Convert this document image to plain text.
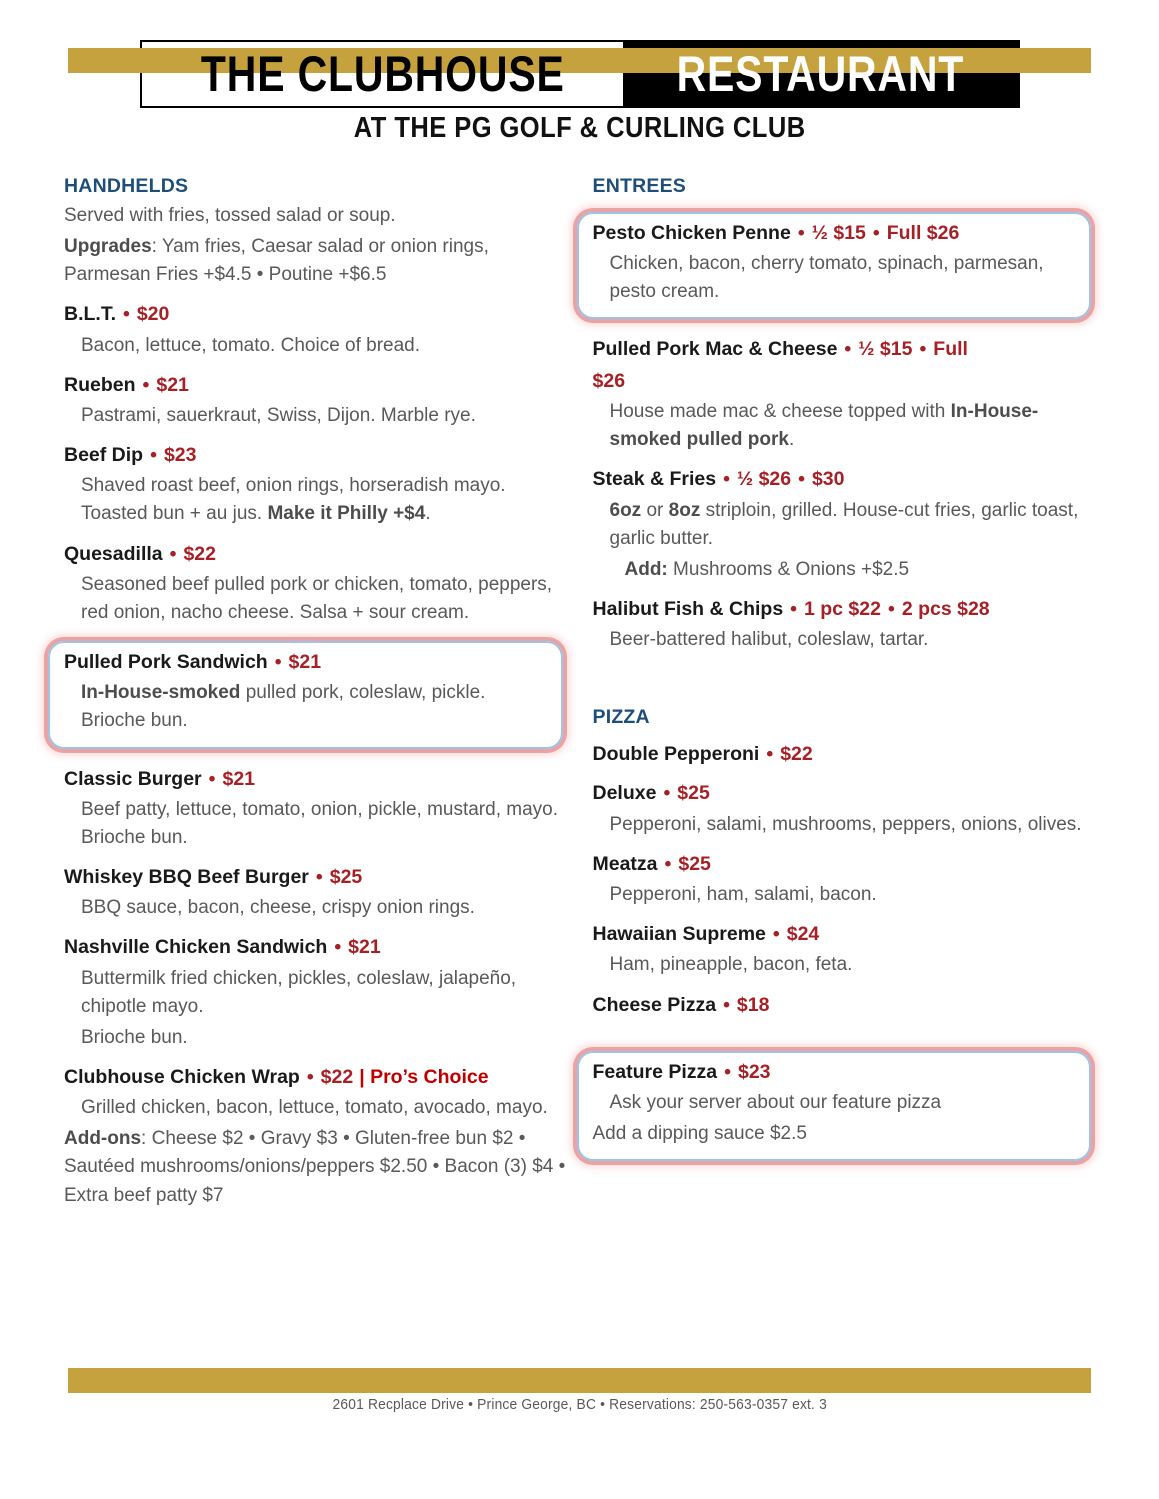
THE CLUBHOUSE RESTAURANT
AT THE PG GOLF & CURLING CLUB

HANDHELDS

Served with fries, tossed salad or soup.

Upgrades: Yam fries, Caesar salad or onion rings, Parmesan Fries +$4.5 • Poutine +$6.5

B.L.T. • $20

Bacon, lettuce, tomato. Choice of bread.

Rueben • $21

Pastrami, sauerkraut, Swiss, Dijon. Marble rye.

Beef Dip • $23

Shaved roast beef, onion rings, horseradish mayo. Toasted bun + au jus. Make it Philly +$4.

Quesadilla • $22

Seasoned beef pulled pork or chicken, tomato, peppers, red onion, nacho cheese. Salsa + sour cream.

Pulled Pork Sandwich • $21

In-House-smoked pulled pork, coleslaw, pickle. Brioche bun.

Classic Burger • $21

Beef patty, lettuce, tomato, onion, pickle, mustard, mayo. Brioche bun.

Whiskey BBQ Beef Burger • $25

BBQ sauce, bacon, cheese, crispy onion rings.

Nashville Chicken Sandwich • $21

Buttermilk fried chicken, pickles, coleslaw, jalapeño, chipotle mayo.

Brioche bun.

Clubhouse Chicken Wrap • $22 | Pro’s Choice

Grilled chicken, bacon, lettuce, tomato, avocado, mayo.

Add-ons: Cheese $2 • Gravy $3 • Gluten-free bun $2 • Sautéed mushrooms/onions/peppers $2.50 • Bacon (3) $4 • Extra beef patty $7

ENTREES

Pesto Chicken Penne • ½ $15 • Full $26

Chicken, bacon, cherry tomato, spinach, parmesan, pesto cream.

Pulled Pork Mac & Cheese • ½ $15 • Full

$26

House made mac & cheese topped with In-House-smoked pulled pork.

Steak & Fries • ½ $26 • $30

6oz or 8oz striploin, grilled. House-cut fries, garlic toast, garlic butter.

Add: Mushrooms & Onions +$2.5

Halibut Fish & Chips • 1 pc $22 • 2 pcs $28

Beer-battered halibut, coleslaw, tartar.

PIZZA

Double Pepperoni • $22

Deluxe • $25

Pepperoni, salami, mushrooms, peppers, onions, olives.

Meatza • $25

Pepperoni, ham, salami, bacon.

Hawaiian Supreme • $24

Ham, pineapple, bacon, feta.

Cheese Pizza • $18

Feature Pizza • $23

Ask your server about our feature pizza

Add a dipping sauce $2.5

2601 Recplace Drive • Prince George, BC • Reservations: 250-563-0357 ext. 3
